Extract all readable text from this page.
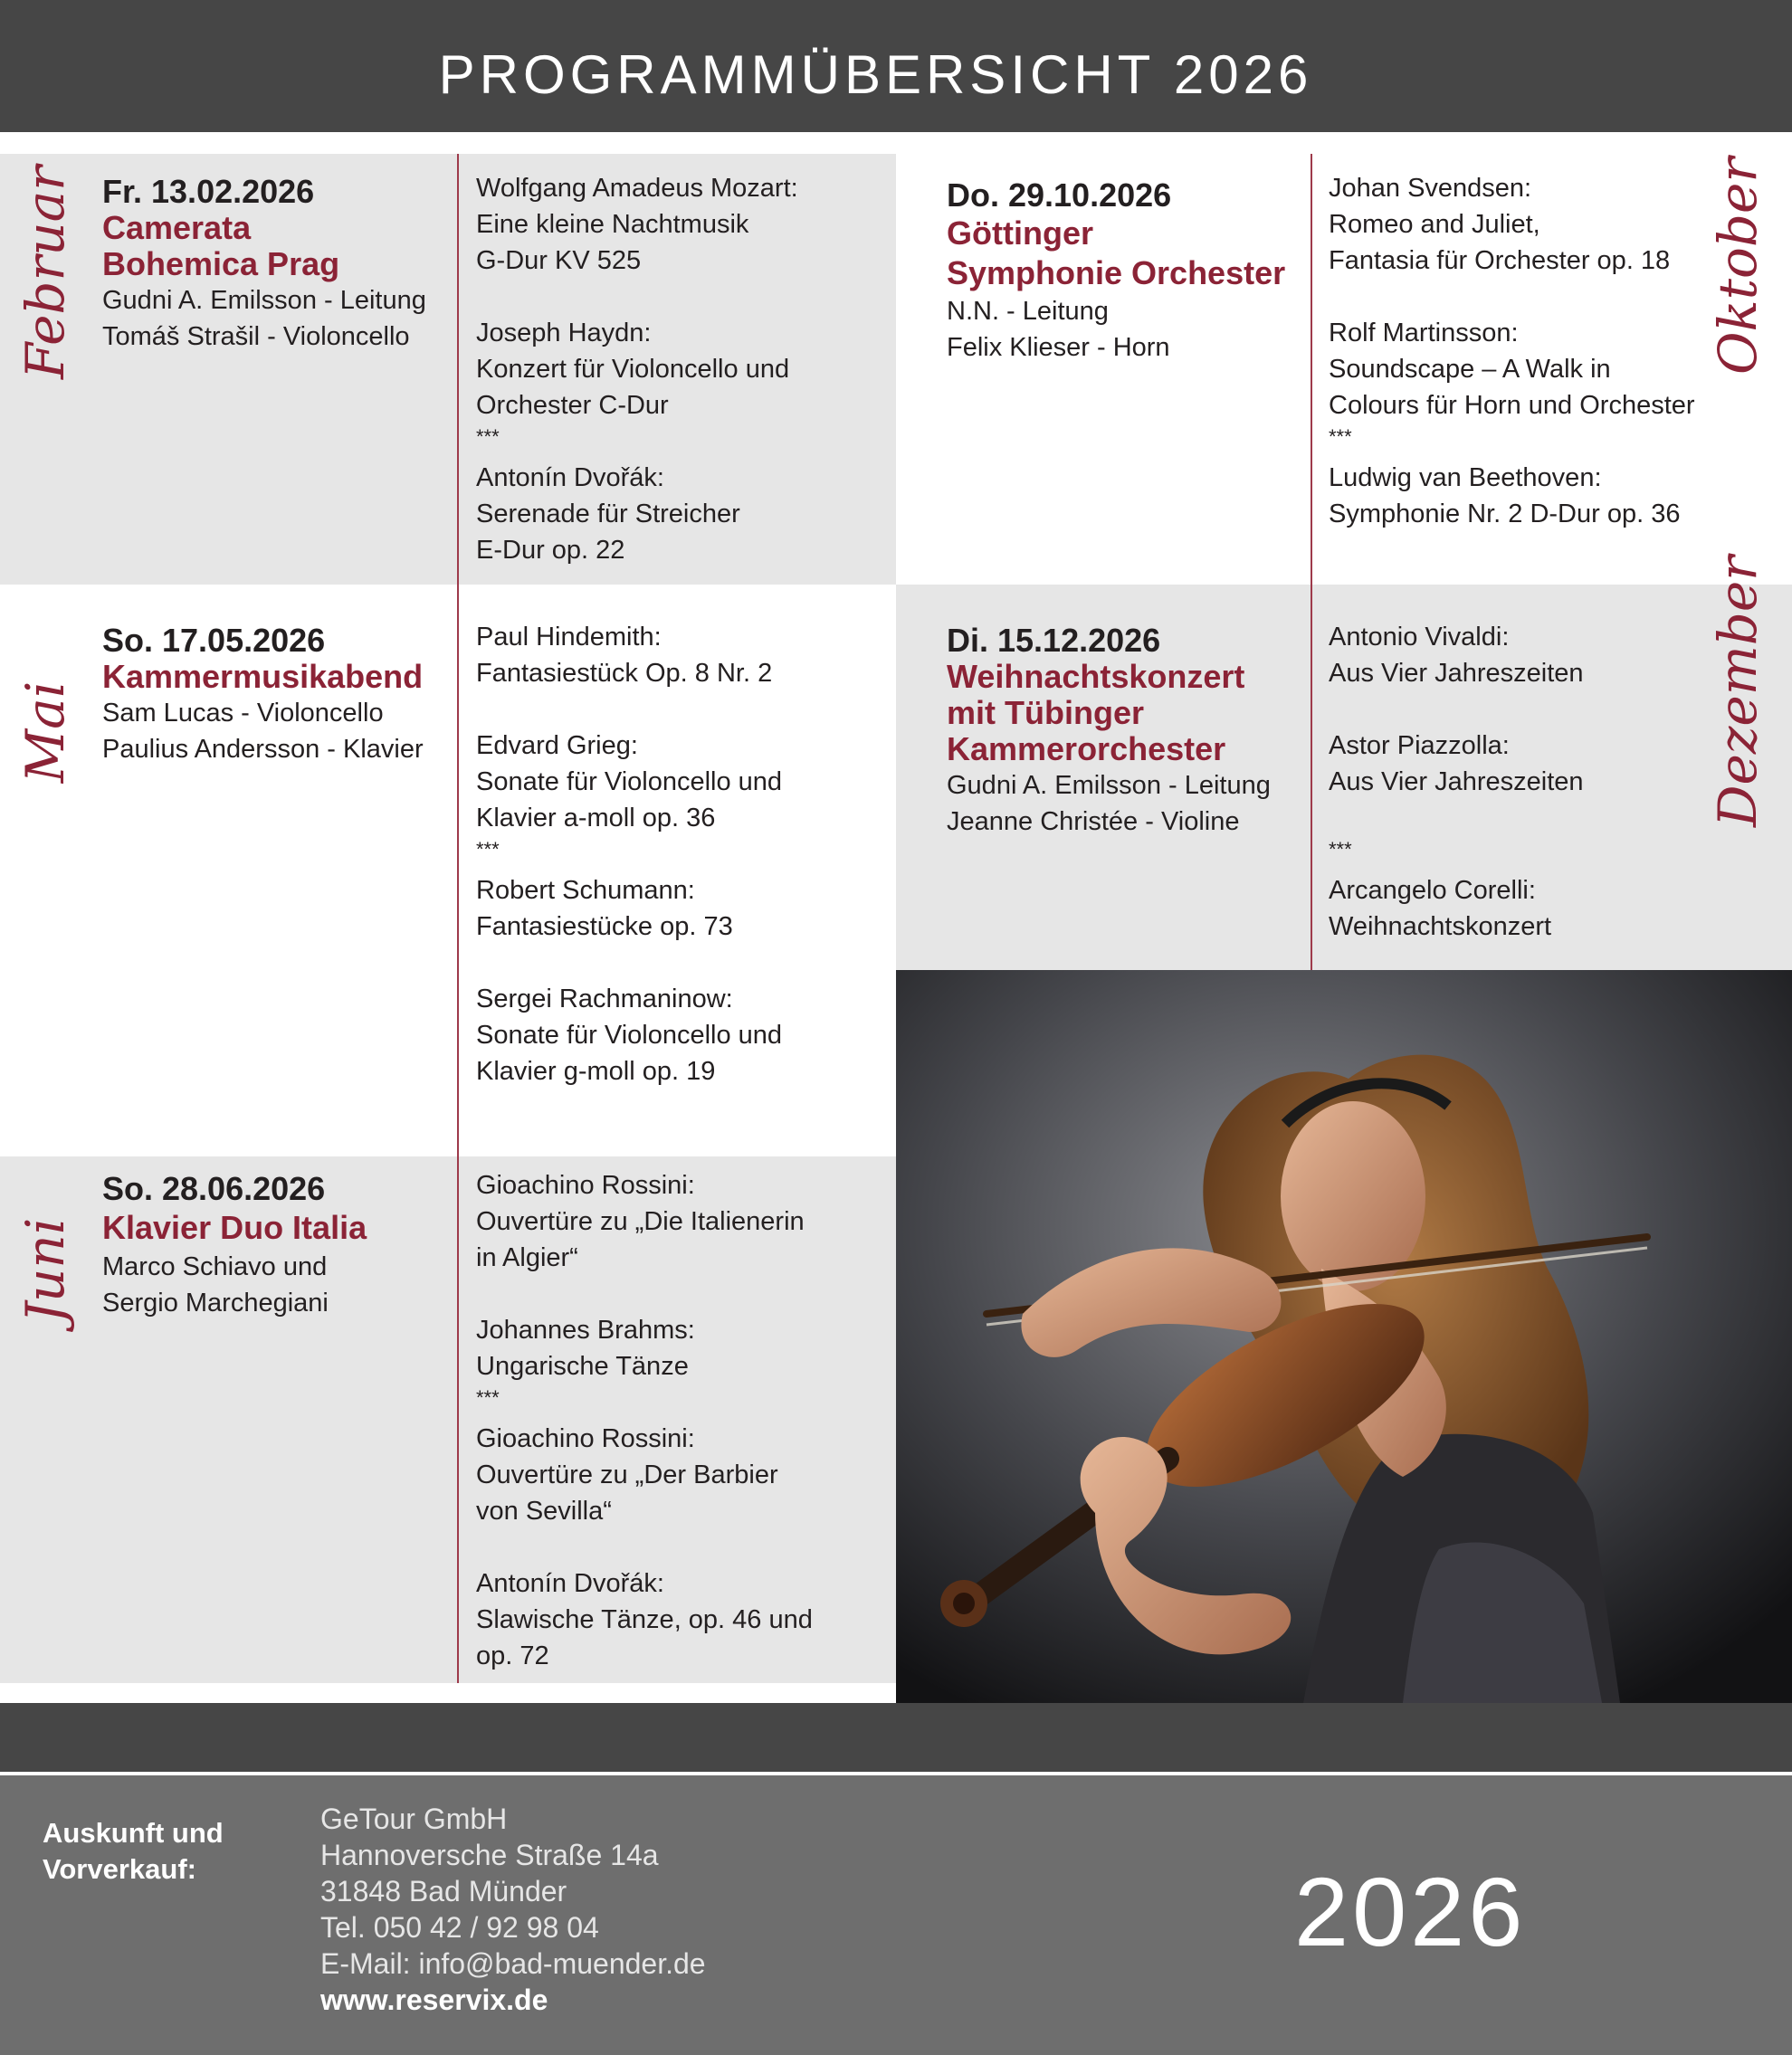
PROGRAMMÜBERSICHT 2026
Februar
Mai
Juni
Oktober
Dezember
Fr. 13.02.2026
Camerata
Bohemica Prag
Gudni A. Emilsson - Leitung
Tomáš Strašil - Violoncello
Wolfgang Amadeus Mozart:
Eine kleine Nachtmusik
G-Dur KV 525
Joseph Haydn:
Konzert für Violoncello und
Orchester C-Dur
***
Antonín Dvořák:
Serenade für Streicher
E-Dur op. 22
Do. 29.10.2026
Göttinger
Symphonie Orchester
N.N. - Leitung
Felix Klieser - Horn
Johan Svendsen:
Romeo and Juliet,
Fantasia für Orchester op. 18
Rolf Martinsson:
Soundscape – A Walk in
Colours für Horn und Orchester
***
Ludwig van Beethoven:
Symphonie Nr. 2 D-Dur op. 36
So. 17.05.2026
Kammermusikabend
Sam Lucas - Violoncello
Paulius Andersson - Klavier
Paul Hindemith:
Fantasiestück Op. 8 Nr. 2
Edvard Grieg:
Sonate für Violoncello und
Klavier a-moll op. 36
***
Robert Schumann:
Fantasiestücke op. 73
Sergei Rachmaninow:
Sonate für Violoncello und
Klavier g-moll op. 19
Di. 15.12.2026
Weihnachtskonzert
mit Tübinger
Kammerorchester
Gudni A. Emilsson - Leitung
Jeanne Christée - Violine
Antonio Vivaldi:
Aus Vier Jahreszeiten
Astor Piazzolla:
Aus Vier Jahreszeiten
***
Arcangelo Corelli:
Weihnachtskonzert
So. 28.06.2026
Klavier Duo Italia
Marco Schiavo und
Sergio Marchegiani
Gioachino Rossini:
Ouvertüre zu „Die Italienerin
in Algier“
Johannes Brahms:
Ungarische Tänze
***
Gioachino Rossini:
Ouvertüre zu „Der Barbier
von Sevilla“
Antonín Dvořák:
Slawische Tänze, op. 46 und
op. 72
Auskunft und
Vorverkauf:
GeTour GmbH
Hannoversche Straße 14a
31848 Bad Münder
Tel. 050 42 / 92 98 04
E-Mail: info@bad-muender.de
www.reservix.de
2026
